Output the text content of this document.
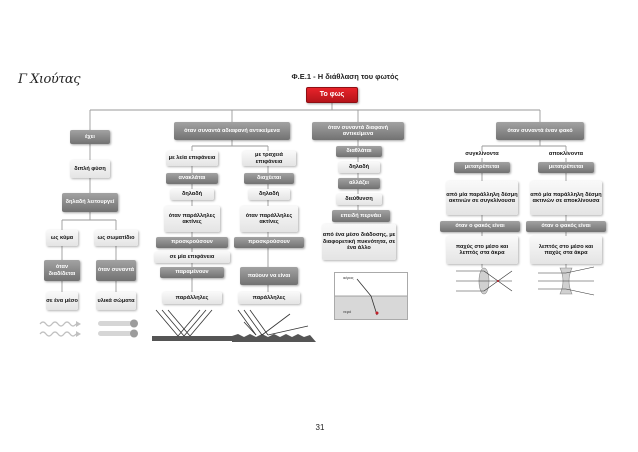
Γ Χιούτας	Φ.Ε.1 - Η διάθλαση του φωτός
Το φως
έχει
όταν συναντά αδιαφανή αντικείμενα
όταν συναντά διαφανή αντικείμενα
όταν συναντά έναν φακό
διπλή φύση
δηλαδή λειτουργεί
ως κύμα	ως σωματίδιο
όταν διαδίδεται
όταν συναντά
σε ένα μέσο	υλικά σώματα
με λεία επιφάνεια
ανακλάται
δηλαδή
όταν παράλληλες ακτίνες
προσκρούσουν
σε μία επιφάνεια
παραμένουν
παράλληλες
με τραχειά επιφάνεια
διαχέεται
δηλαδή
όταν παράλληλες ακτίνες
προσκρούσουν
παύουν να είναι
παράλληλες
διαθλάται
δηλαδή
αλλάζει
διεύθυνση
επειδή περνάει
από ένα μέσο διάδοσης, με διαφορετική πυκνότητα, σε ένα άλλο
αέρας
νερό
συγκλίνοντα
μετατρέπεται
από μία παράλληλη δέσμη ακτινών σε συγκλίνουσα
όταν ο φακός είναι
παχύς στο μέσο και λεπτός στα άκρα
αποκλίνοντα
μετατρέπεται
από μία παράλληλη δέσμη ακτινών σε αποκλίνουσα
όταν ο φακός είναι
λεπτός στο μέσο και παχύς στα άκρα
31
